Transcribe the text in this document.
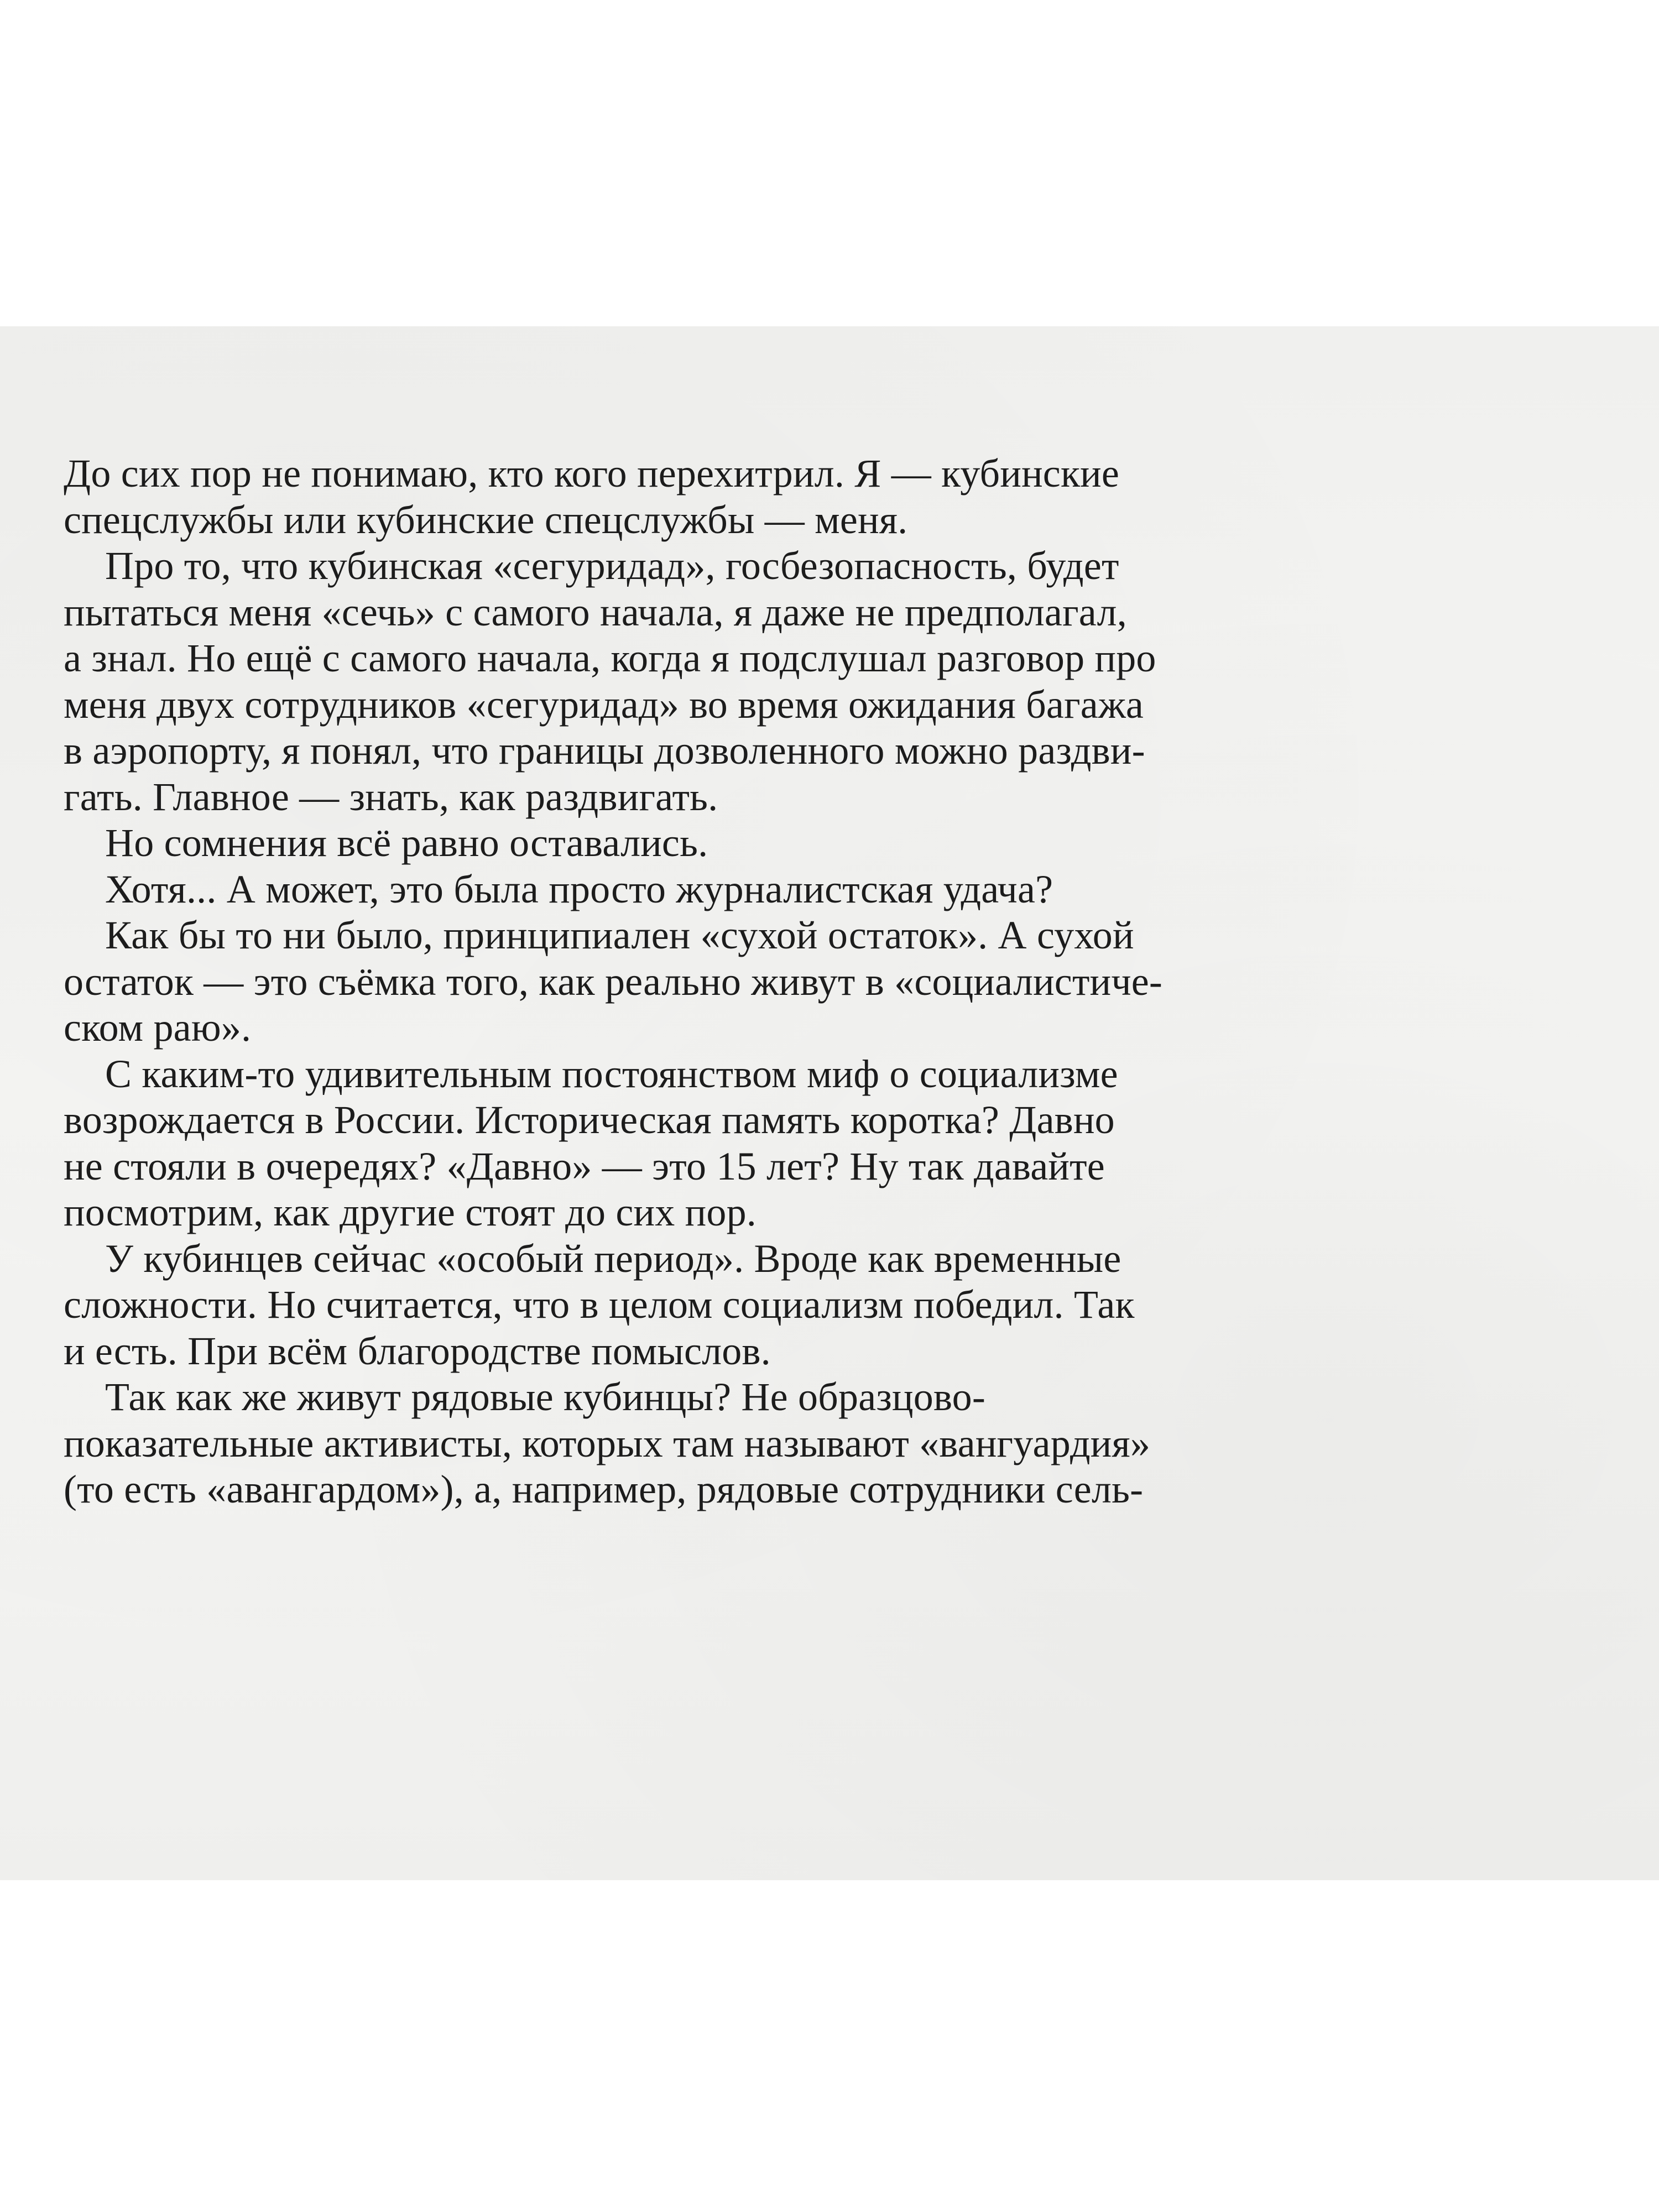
До сих пор не понимаю, кто кого перехитрил. Я — кубинские
спецслужбы или кубинские спецслужбы — меня.
Про то, что кубинская «сегуридад», госбезопасность, будет
пытаться меня «сечь» с самого начала, я даже не предполагал,
а знал. Но ещё с самого начала, когда я подслушал разговор про
меня двух сотрудников «сегуридад» во время ожидания багажа
в аэропорту, я понял, что границы дозволенного можно раздви-
гать. Главное — знать, как раздвигать.
Но сомнения всё равно оставались.
Хотя... А может, это была просто журналистская удача?
Как бы то ни было, принципиален «сухой остаток». А сухой
остаток — это съёмка того, как реально живут в «социалистиче-
ском раю».
С каким-то удивительным постоянством миф о социализме
возрождается в России. Историческая память коротка? Давно
не стояли в очередях? «Давно» — это 15 лет? Ну так давайте
посмотрим, как другие стоят до сих пор.
У кубинцев сейчас «особый период». Вроде как временные
сложности. Но считается, что в целом социализм победил. Так
и есть. При всём благородстве помыслов.
Так как же живут рядовые кубинцы? Не образцово-
показательные активисты, которых там называют «вангуардия»
(то есть «авангардом»), а, например, рядовые сотрудники сель-
